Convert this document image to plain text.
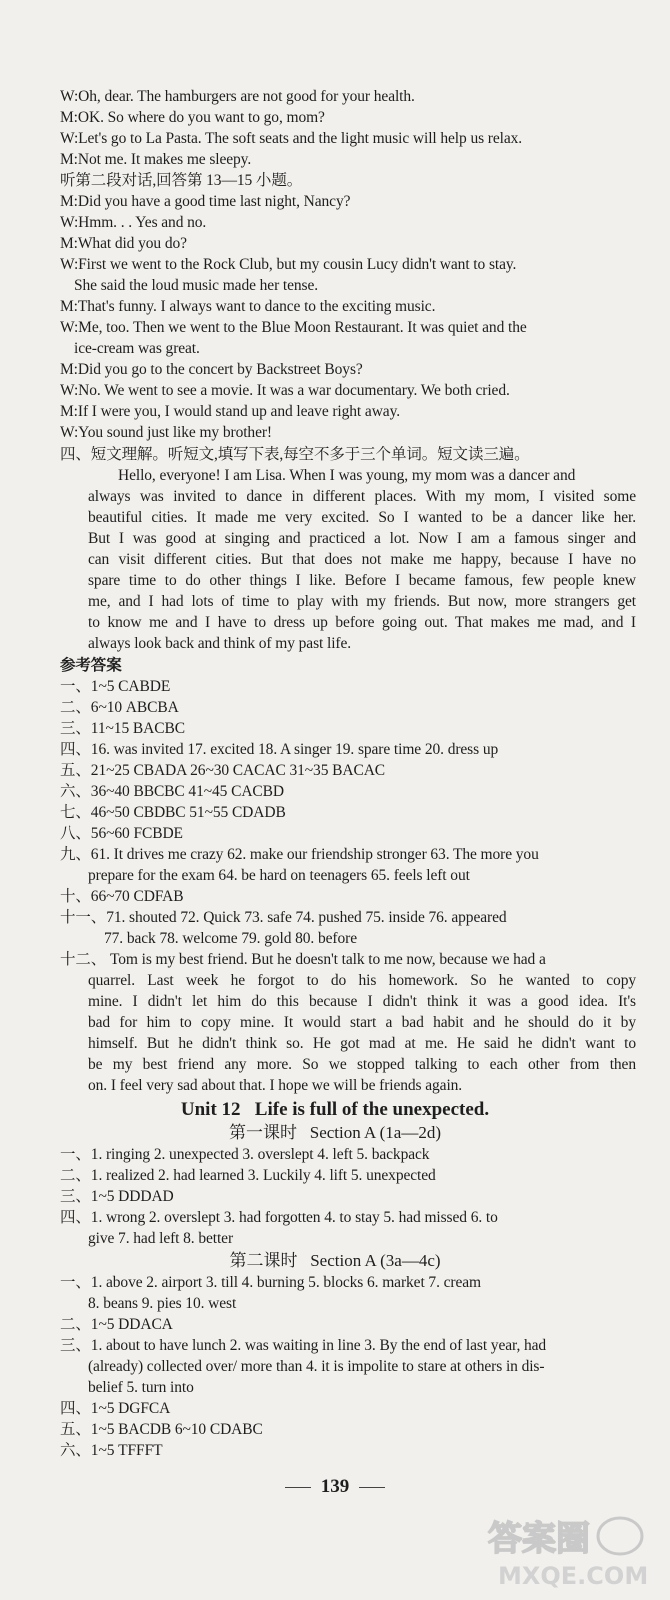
W:Oh, dear. The hamburgers are not good for your health.
M:OK. So where do you want to go, mom?
W:Let's go to La Pasta. The soft seats and the light music will help us relax.
M:Not me. It makes me sleepy.
听第二段对话,回答第 13—15 小题。
M:Did you have a good time last night, Nancy?
W:Hmm. . . Yes and no.
M:What did you do?
W:First we went to the Rock Club, but my cousin Lucy didn't want to stay.
She said the loud music made her tense.
M:That's funny. I always want to dance to the exciting music.
W:Me, too. Then we went to the Blue Moon Restaurant. It was quiet and the
ice-cream was great.
M:Did you go to the concert by Backstreet Boys?
W:No. We went to see a movie. It was a war documentary. We both cried.
M:If I were you, I would stand up and leave right away.
W:You sound just like my brother!
四、短文理解。听短文,填写下表,每空不多于三个单词。短文读三遍。
Hello, everyone! I am Lisa. When I was young, my mom was a dancer and
always was invited to dance in different places. With my mom, I visited some
beautiful cities. It made me very excited. So I wanted to be a dancer like her.
But I was good at singing and practiced a lot. Now I am a famous singer and
can visit different cities. But that does not make me happy, because I have no
spare time to do other things I like. Before I became famous, few people knew
me, and I had lots of time to play with my friends. But now, more strangers get
to know me and I have to dress up before going out. That makes me mad, and I
always look back and think of my past life.
参考答案
一、1~5 CABDE
二、6~10 ABCBA
三、11~15 BACBC
四、16. was invited 17. excited 18. A singer 19. spare time 20. dress up
五、21~25 CBADA 26~30 CACAC 31~35 BACAC
六、36~40 BBCBC 41~45 CACBD
七、46~50 CBDBC 51~55 CDADB
八、56~60 FCBDE
九、61. It drives me crazy 62. make our friendship stronger 63. The more you
prepare for the exam 64. be hard on teenagers 65. feels left out
十、66~70 CDFAB
十一、71. shouted 72. Quick 73. safe 74. pushed 75. inside 76. appeared
77. back 78. welcome 79. gold 80. before
十二、 Tom is my best friend. But he doesn't talk to me now, because we had a
quarrel. Last week he forgot to do his homework. So he wanted to copy
mine. I didn't let him do this because I didn't think it was a good idea. It's
bad for him to copy mine. It would start a bad habit and he should do it by
himself. But he didn't think so. He got mad at me. He said he didn't want to
be my best friend any more. So we stopped talking to each other from then
on. I feel very sad about that. I hope we will be friends again.
Unit 12   Life is full of the unexpected.
第一课时   Section A (1a—2d)
一、1. ringing 2. unexpected 3. overslept 4. left 5. backpack
二、1. realized 2. had learned 3. Luckily 4. lift 5. unexpected
三、1~5 DDDAD
四、1. wrong 2. overslept 3. had forgotten 4. to stay 5. had missed 6. to
give 7. had left 8. better
第二课时   Section A (3a—4c)
一、1. above 2. airport 3. till 4. burning 5. blocks 6. market 7. cream
8. beans 9. pies 10. west
二、1~5 DDACA
三、1. about to have lunch 2. was waiting in line 3. By the end of last year, had
(already) collected over/ more than 4. it is impolite to stare at others in dis-
belief 5. turn into
四、1~5 DGFCA
五、1~5 BACDB 6~10 CDABC
六、1~5 TFFFT
139
答案圈
MXQE.COM
